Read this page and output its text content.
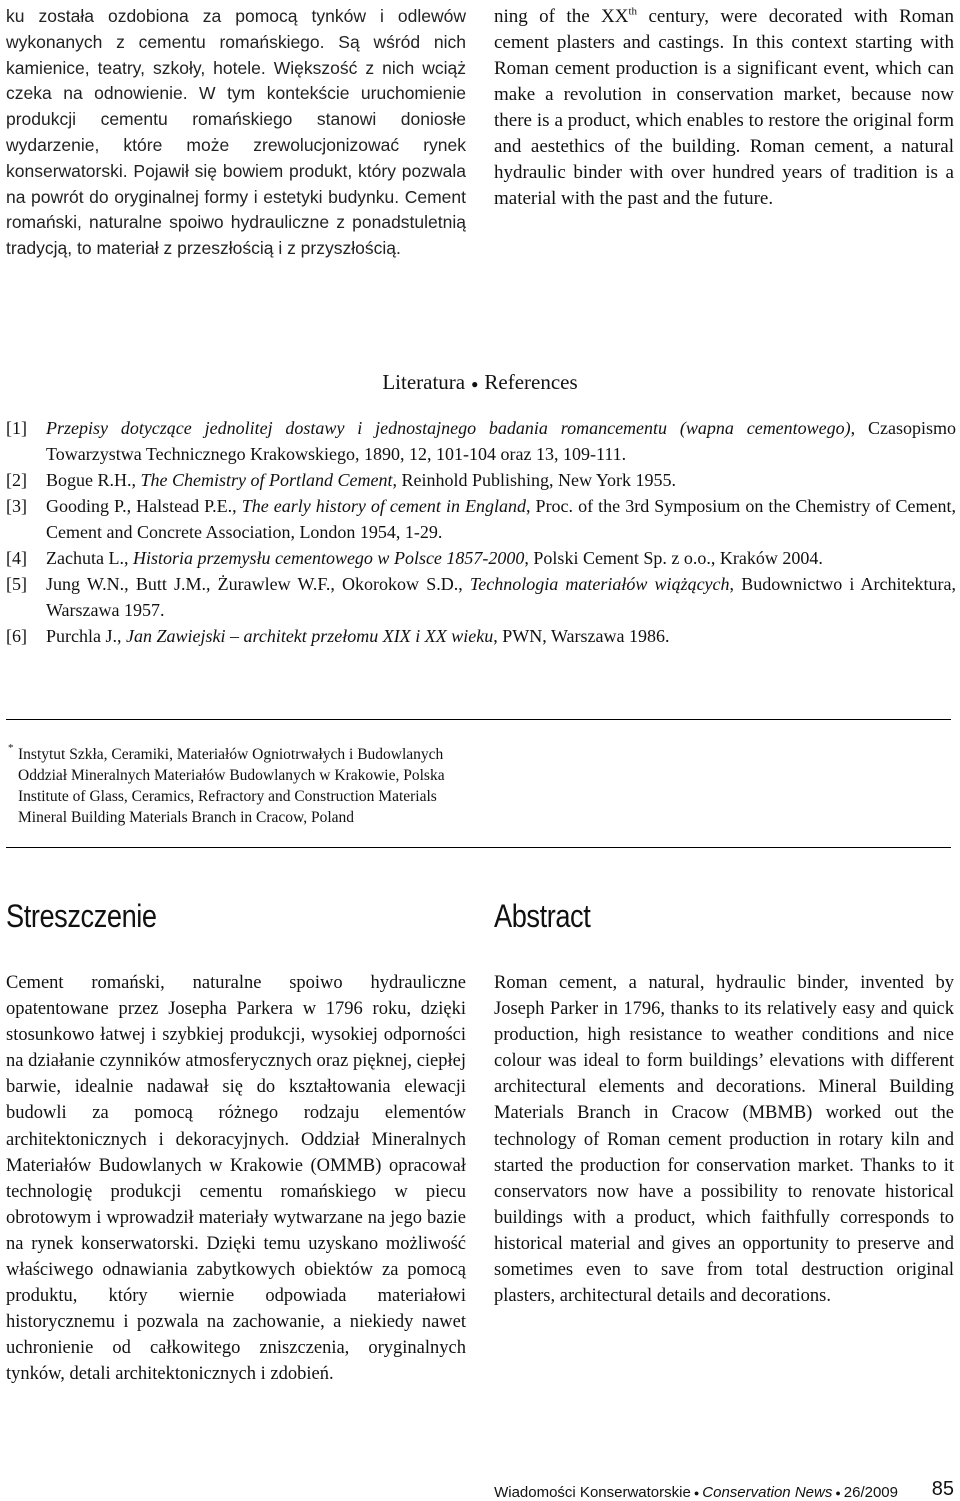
ku została ozdobiona za pomocą tynków i odlewów wykonanych z cementu romańskiego. Są wśród nich kamienice, teatry, szkoły, hotele. Większość z nich wciąż czeka na odnowienie. W tym kontekście uruchomienie produkcji cementu romańskiego stanowi doniosłe wydarzenie, które może zrewolucjonizować rynek konserwatorski. Pojawił się bowiem produkt, który pozwala na powrót do oryginalnej formy i estetyki budynku. Cement romański, naturalne spoiwo hydrauliczne z ponadstuletnią tradycją, to materiał z przeszłością i z przyszłością.
ning of the XXth century, were decorated with Roman cement plasters and castings. In this context starting with Roman cement production is a significant event, which can make a revolution in conservation market, because now there is a product, which enables to restore the original form and aestethics of the building. Roman cement, a natural hydraulic binder with over hundred years of tradition is a material with the past and the future.
Literatura ● References
[1] Przepisy dotyczące jednolitej dostawy i jednostajnego badania romancementu (wapna cementowego), Czasopismo Towarzystwa Technicznego Krakowskiego, 1890, 12, 101-104 oraz 13, 109-111.
[2] Bogue R.H., The Chemistry of Portland Cement, Reinhold Publishing, New York 1955.
[3] Gooding P., Halstead P.E., The early history of cement in England, Proc. of the 3rd Symposium on the Chemistry of Cement, Cement and Concrete Association, London 1954, 1-29.
[4] Zachuta L., Historia przemysłu cementowego w Polsce 1857-2000, Polski Cement Sp. z o.o., Kraków 2004.
[5] Jung W.N., Butt J.M., Żurawlew W.F., Okorokow S.D., Technologia materiałów wiążących, Budownictwo i Architektura, Warszawa 1957.
[6] Purchla J., Jan Zawiejski – architekt przełomu XIX i XX wieku, PWN, Warszawa 1986.
* Instytut Szkła, Ceramiki, Materiałów Ogniotrwałych i Budowlanych
Oddział Mineralnych Materiałów Budowlanych w Krakowie, Polska
Institute of Glass, Ceramics, Refractory and Construction Materials
Mineral Building Materials Branch in Cracow, Poland
Streszczenie	Abstract
Cement romański, naturalne spoiwo hydrauliczne opatentowane przez Josepha Parkera w 1796 roku, dzięki stosunkowo łatwej i szybkiej produkcji, wysokiej odporności na działanie czynników atmosferycznych oraz pięknej, ciepłej barwie, idealnie nadawał się do kształtowania elewacji budowli za pomocą różnego rodzaju elementów architektonicznych i dekoracyjnych. Oddział Mineralnych Materiałów Budowlanych w Krakowie (OMMB) opracował technologię produkcji cementu romańskiego w piecu obrotowym i wprowadził materiały wytwarzane na jego bazie na rynek konserwatorski. Dzięki temu uzyskano możliwość właściwego odnawiania zabytkowych obiektów za pomocą produktu, który wiernie odpowiada materiałowi historycznemu i pozwala na zachowanie, a niekiedy nawet uchronienie od całkowitego zniszczenia, oryginalnych tynków, detali architektonicznych i zdobień.
Roman cement, a natural, hydraulic binder, invented by Joseph Parker in 1796, thanks to its relatively easy and quick production, high resistance to weather conditions and nice colour was ideal to form buildings’ elevations with different architectural elements and decorations. Mineral Building Materials Branch in Cracow (MBMB) worked out the technology of Roman cement production in rotary kiln and started the production for conservation market. Thanks to it conservators now have a possibility to renovate historical buildings with a product, which faithfully corresponds to historical material and gives an opportunity to preserve and sometimes even to save from total destruction original plasters, architectural details and decorations.
Wiadomości Konserwatorskie ● Conservation News ● 26/2009 85
